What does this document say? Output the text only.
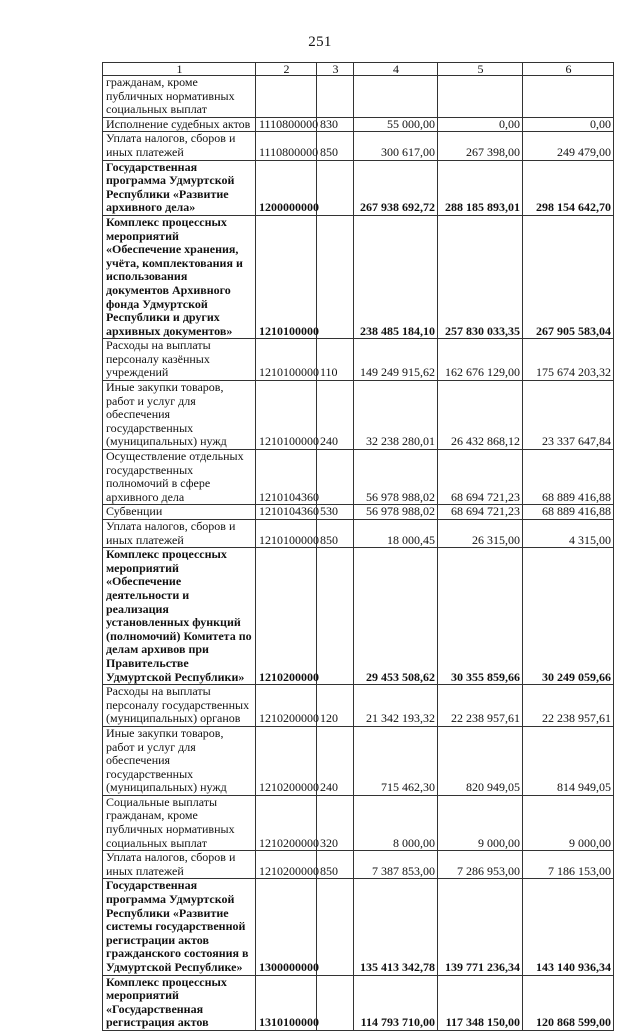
251
1	2	3	4	5	6
гражданам, кроме публичных нормативных социальных выплат					
Исполнение судебных актов	1110800000	830	55 000,00	0,00	0,00
Уплата налогов, сборов и иных платежей	1110800000	850	300 617,00	267 398,00	249 479,00
Государственная программа Удмуртской Республики «Развитие архивного дела»	1200000000		267 938 692,72	288 185 893,01	298 154 642,70
Комплекс процессных мероприятий «Обеспечение хранения, учёта, комплектования и использования документов Архивного фонда Удмуртской Республики и других архивных документов»	1210100000		238 485 184,10	257 830 033,35	267 905 583,04
Расходы на выплаты персоналу казённых учреждений	1210100000	110	149 249 915,62	162 676 129,00	175 674 203,32
Иные закупки товаров, работ и услуг для обеспечения государственных (муниципальных) нужд	1210100000	240	32 238 280,01	26 432 868,12	23 337 647,84
Осуществление отдельных государственных полномочий в сфере архивного дела	1210104360		56 978 988,02	68 694 721,23	68 889 416,88
Субвенции	1210104360	530	56 978 988,02	68 694 721,23	68 889 416,88
Уплата налогов, сборов и иных платежей	1210100000	850	18 000,45	26 315,00	4 315,00
Комплекс процессных мероприятий «Обеспечение деятельности и реализация установленных функций (полномочий) Комитета по делам архивов при Правительстве Удмуртской Республики»	1210200000		29 453 508,62	30 355 859,66	30 249 059,66
Расходы на выплаты персоналу государственных (муниципальных) органов	1210200000	120	21 342 193,32	22 238 957,61	22 238 957,61
Иные закупки товаров, работ и услуг для обеспечения государственных (муниципальных) нужд	1210200000	240	715 462,30	820 949,05	814 949,05
Социальные выплаты гражданам, кроме публичных нормативных социальных выплат	1210200000	320	8 000,00	9 000,00	9 000,00
Уплата налогов, сборов и иных платежей	1210200000	850	7 387 853,00	7 286 953,00	7 186 153,00
Государственная программа Удмуртской Республики «Развитие системы государственной регистрации актов гражданского состояния в Удмуртской Республике»	1300000000		135 413 342,78	139 771 236,34	143 140 936,34
Комплекс процессных мероприятий «Государственная регистрация актов	1310100000		114 793 710,00	117 348 150,00	120 868 599,00
